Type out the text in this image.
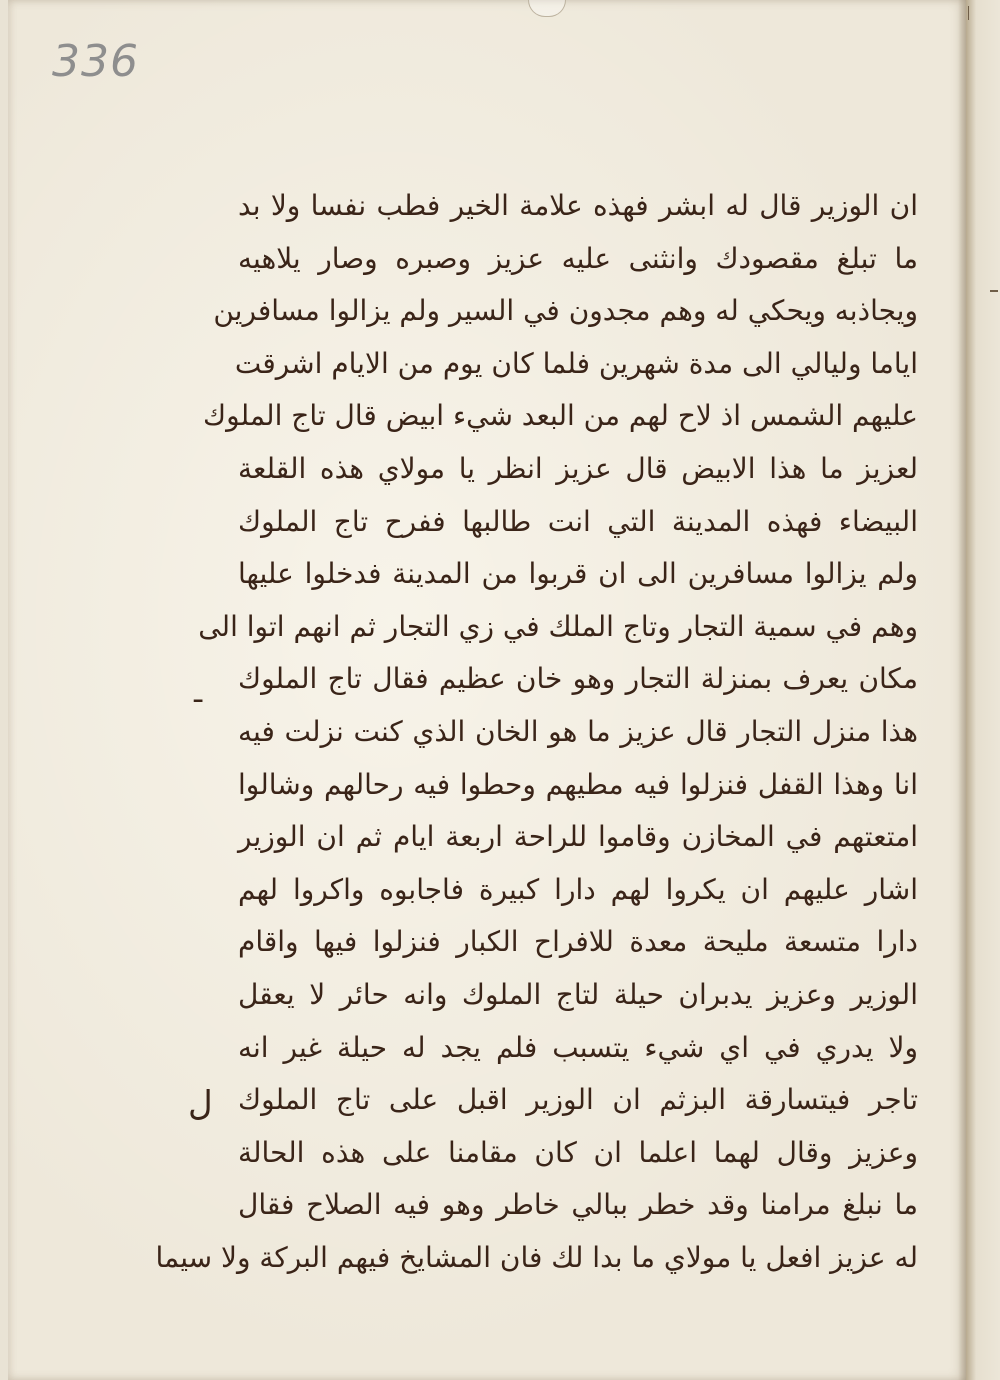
336
ان الوزير قال له ابشر فهذه علامة الخير فطب نفسا ولا بد
ما تبلغ مقصودك وانثنى عليه عزيز وصبره وصار يلاهيه
ويجاذبه ويحكي له وهم مجدون في السير ولم يزالوا مسافرين
اياما وليالي الى مدة شهرين فلما كان يوم من الايام اشرقت
عليهم الشمس اذ لاح لهم من البعد شيء ابيض قال تاج الملوك
لعزيز ما هذا الابيض قال عزيز انظر يا مولاي هذه القلعة
البيضاء فهذه المدينة التي انت طالبها ففرح تاج الملوك
ولم يزالوا مسافرين الى ان قربوا من المدينة فدخلوا عليها
وهم في سمية التجار وتاج الملك في زي التجار ثم انهم اتوا الى
مكان يعرف بمنزلة التجار وهو خان عظيم فقال تاج الملوك
هذا منزل التجار قال عزيز ما هو الخان الذي كنت نزلت فيه
انا وهذا القفل فنزلوا فيه مطيهم وحطوا فيه رحالهم وشالوا
امتعتهم في المخازن وقاموا للراحة اربعة ايام ثم ان الوزير
اشار عليهم ان يكروا لهم دارا كبيرة فاجابوه واكروا لهم
دارا متسعة مليحة معدة للافراح الكبار فنزلوا فيها واقام
الوزير وعزيز يدبران حيلة لتاج الملوك وانه حائر لا يعقل
ولا يدري في اي شيء يتسبب فلم يجد له حيلة غير انه
تاجر فيتسارقة البزثم ان الوزير اقبل على تاج الملوك
وعزيز وقال لهما اعلما ان كان مقامنا على هذه الحالة
ما نبلغ مرامنا وقد خطر ببالي خاطر وهو فيه الصلاح فقال
له عزيز افعل يا مولاي ما بدا لك فان المشايخ فيهم البركة ولا سيما
ـ
ل
